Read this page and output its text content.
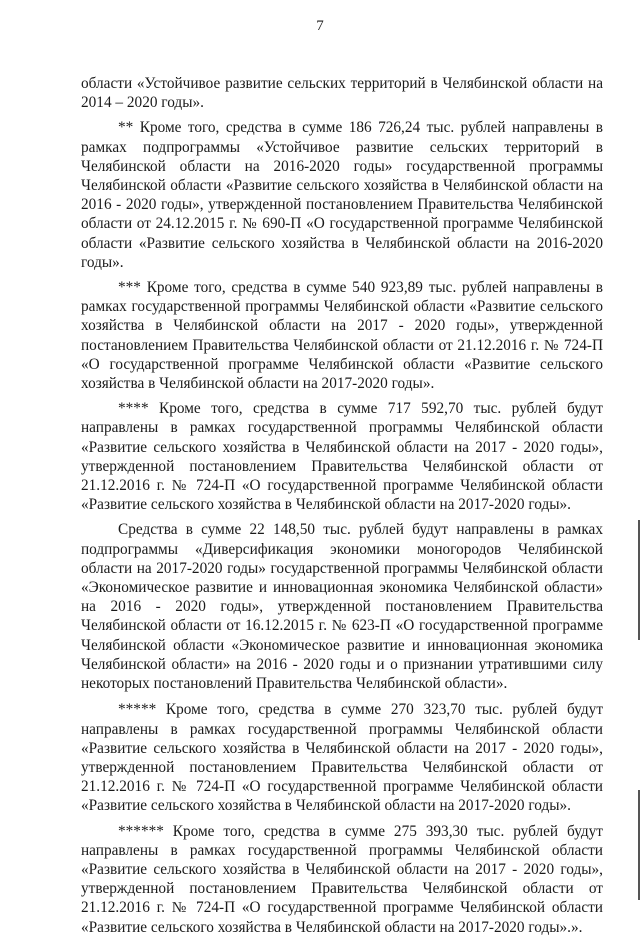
7

области «Устойчивое развитие сельских территорий в Челябинской области на 2014 – 2020 годы».

** Кроме того, средства в сумме 186 726,24 тыс. рублей направлены в рамках подпрограммы «Устойчивое развитие сельских территорий в Челябинской области на 2016-2020 годы» государственной программы Челябинской области «Развитие сельского хозяйства в Челябинской области на 2016 - 2020 годы», утвержденной постановлением Правительства Челябинской области от 24.12.2015 г. № 690-П «О государственной программе Челябинской области «Развитие сельского хозяйства в Челябинской области на 2016-2020 годы».

*** Кроме того, средства в сумме 540 923,89 тыс. рублей направлены в рамках государственной программы Челябинской области «Развитие сельского хозяйства в Челябинской области на 2017 - 2020 годы», утвержденной постановлением Правительства Челябинской области от 21.12.2016 г. № 724-П «О государственной программе Челябинской области «Развитие сельского хозяйства в Челябинской области на 2017-2020 годы».

**** Кроме того, средства в сумме 717 592,70 тыс. рублей будут направлены в рамках государственной программы Челябинской области «Развитие сельского хозяйства в Челябинской области на 2017 - 2020 годы», утвержденной постановлением Правительства Челябинской области от 21.12.2016 г. № 724-П «О государственной программе Челябинской области «Развитие сельского хозяйства в Челябинской области на 2017-2020 годы».

Средства в сумме 22 148,50 тыс. рублей будут направлены в рамках подпрограммы «Диверсификация экономики моногородов Челябинской области на 2017-2020 годы» государственной программы Челябинской области «Экономическое развитие и инновационная экономика Челябинской области» на 2016 - 2020 годы», утвержденной постановлением Правительства Челябинской области от 16.12.2015 г. № 623-П «О государственной программе Челябинской области «Экономическое развитие и инновационная экономика Челябинской области» на 2016 - 2020 годы и о признании утратившими силу некоторых постановлений Правительства Челябинской области».

***** Кроме того, средства в сумме 270 323,70 тыс. рублей будут направлены в рамках государственной программы Челябинской области «Развитие сельского хозяйства в Челябинской области на 2017 - 2020 годы», утвержденной постановлением Правительства Челябинской области от 21.12.2016 г. № 724-П «О государственной программе Челябинской области «Развитие сельского хозяйства в Челябинской области на 2017-2020 годы».

****** Кроме того, средства в сумме 275 393,30 тыс. рублей будут направлены в рамках государственной программы Челябинской области «Развитие сельского хозяйства в Челябинской области на 2017 - 2020 годы», утвержденной постановлением Правительства Челябинской области от 21.12.2016 г. № 724-П «О государственной программе Челябинской области «Развитие сельского хозяйства в Челябинской области на 2017-2020 годы».».
